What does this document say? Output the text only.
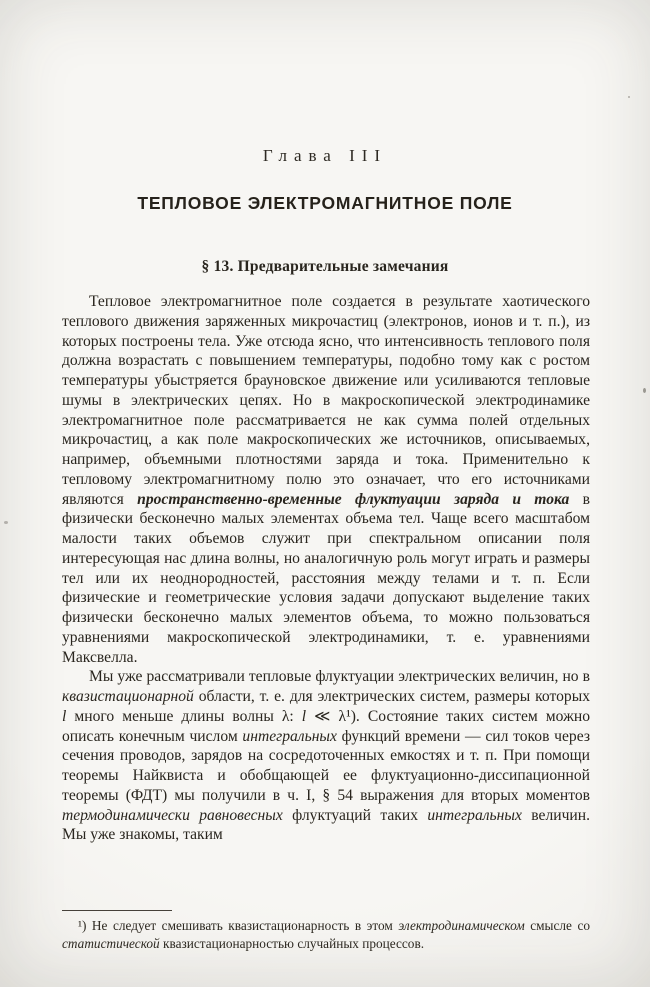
Глава III
ТЕПЛОВОЕ ЭЛЕКТРОМАГНИТНОЕ ПОЛЕ
§ 13. Предварительные замечания

Тепловое электромагнитное поле создается в результате хаотического теплового движения заряженных микрочастиц (электронов, ионов и т. п.), из которых построены тела. Уже отсюда ясно, что интенсивность теплового поля должна возрастать с повышением температуры, подобно тому как с ростом температуры убыстряется брауновское движение или усиливаются тепловые шумы в электрических цепях. Но в макроскопической электродинамике электромагнитное поле рассматривается не как сумма полей отдельных микрочастиц, а как поле макроскопических же источников, описываемых, например, объемными плотностями заряда и тока. Применительно к тепловому электромагнитному полю это означает, что его источниками являются пространственно-временные флуктуации заряда и тока в физически бесконечно малых элементах объема тел. Чаще всего масштабом малости таких объемов служит при спектральном описании поля интересующая нас длина волны, но аналогичную роль могут играть и размеры тел или их неоднородностей, расстояния между телами и т. п. Если физические и геометрические условия задачи допускают выделение таких физически бесконечно малых элементов объема, то можно пользоваться уравнениями макроскопической электродинамики, т. е. уравнениями Максвелла.

Мы уже рассматривали тепловые флуктуации электрических величин, но в квазистационарной области, т. е. для электрических систем, размеры которых l много меньше длины волны λ: l ≪ λ¹). Состояние таких систем можно описать конечным числом интегральных функций времени — сил токов через сечения проводов, зарядов на сосредоточенных емкостях и т. п. При помощи теоремы Найквиста и обобщающей ее флуктуационно-диссипационной теоремы (ФДТ) мы получили в ч. I, § 54 выражения для вторых моментов термодинамически равновесных флуктуаций таких интегральных величин. Мы уже знакомы, таким

¹) Не следует смешивать квазистационарность в этом электродинамическом смысле со статистической квазистационарностью случайных процессов.
